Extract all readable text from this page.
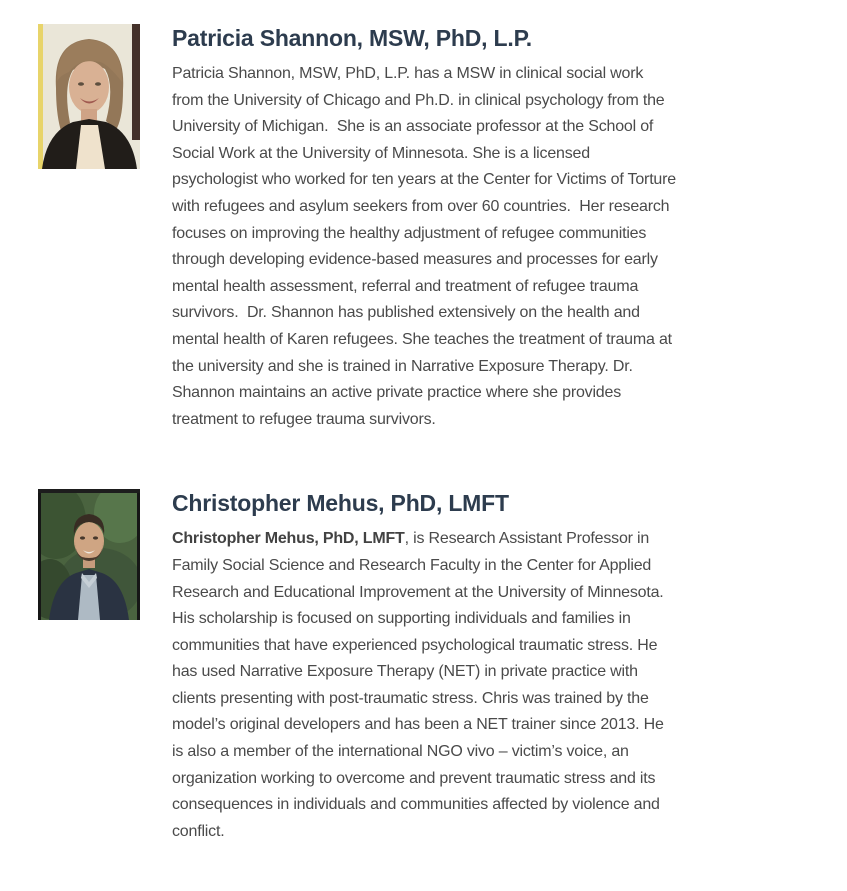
Patricia Shannon, MSW, PhD, L.P.

Patricia Shannon, MSW, PhD, L.P. has a MSW in clinical social work from the University of Chicago and Ph.D. in clinical psychology from the University of Michigan.  She is an associate professor at the School of Social Work at the University of Minnesota. She is a licensed psychologist who worked for ten years at the Center for Victims of Torture with refugees and asylum seekers from over 60 countries.  Her research focuses on improving the healthy adjustment of refugee communities through developing evidence-based measures and processes for early mental health assessment, referral and treatment of refugee trauma survivors.  Dr. Shannon has published extensively on the health and mental health of Karen refugees. She teaches the treatment of trauma at the university and she is trained in Narrative Exposure Therapy. Dr. Shannon maintains an active private practice where she provides treatment to refugee trauma survivors.

Christopher Mehus, PhD, LMFT

Christopher Mehus, PhD, LMFT, is Research Assistant Professor in Family Social Science and Research Faculty in the Center for Applied Research and Educational Improvement at the University of Minnesota. His scholarship is focused on supporting individuals and families in communities that have experienced psychological traumatic stress. He has used Narrative Exposure Therapy (NET) in private practice with clients presenting with post-traumatic stress. Chris was trained by the model’s original developers and has been a NET trainer since 2013. He is also a member of the international NGO vivo – victim’s voice, an organization working to overcome and prevent traumatic stress and its consequences in individuals and communities affected by violence and conflict.
